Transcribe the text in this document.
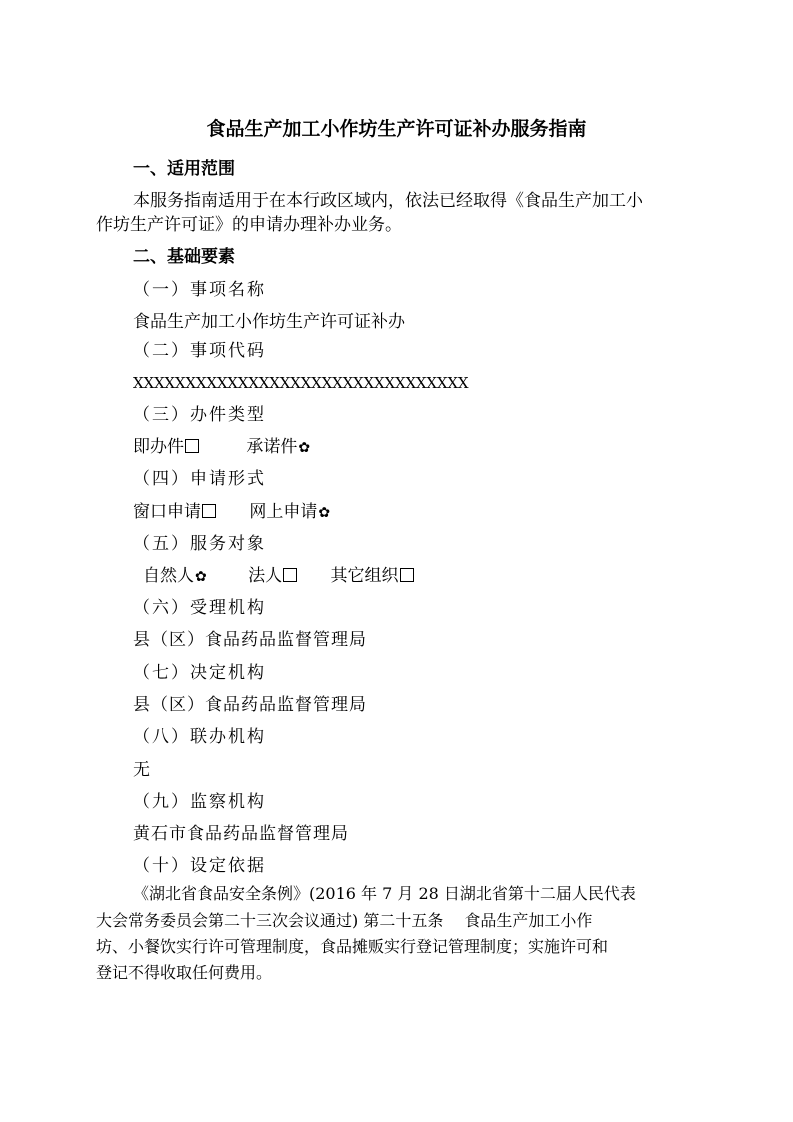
食品生产加工小作坊生产许可证补办服务指南
一、适用范围
本服务指南适用于在本行政区域内，依法已经取得《食品生产加工小
作坊生产许可证》的申请办理补办业务。
二、基础要素
（一）事项名称
食品生产加工小作坊生产许可证补办
（二）事项代码
XXXXXXXXXXXXXXXXXXXXXXXXXXXXXXXX
（三）办件类型
即办件	承诺件✿
（四）申请形式
窗口申请	网上申请✿
（五）服务对象
自然人✿ 法人	其它组织
（六）受理机构
县（区）食品药品监督管理局
（七）决定机构
县（区）食品药品监督管理局
（八）联办机构
无
（九）监察机构
黄石市食品药品监督管理局
（十）设定依据
《湖北省食品安全条例》(2016 年 7 月 28 日湖北省第十二届人民代表
大会常务委员会第二十三次会议通过) 第二十五条　 食品生产加工小作
坊、小餐饮实行许可管理制度，食品摊贩实行登记管理制度；实施许可和
登记不得收取任何费用。
